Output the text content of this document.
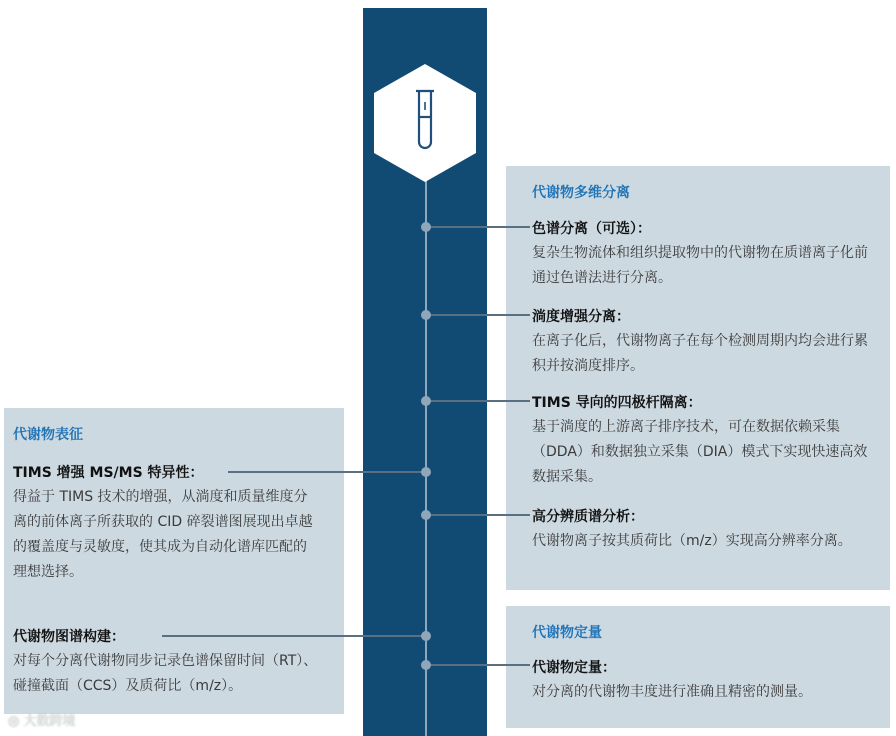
代谢物多维分离
色谱分离（可选）：
复杂生物流体和组织提取物中的代谢物在质谱离子化前通过色谱法进行分离。
淌度增强分离：
在离子化后，代谢物离子在每个检测周期内均会进行累积并按淌度排序。
TIMS 导向的四极杆隔离：
基于淌度的上游离子排序技术，可在数据依赖采集（DDA）和数据独立采集（DIA）模式下实现快速高效数据采集。
高分辨质谱分析：
代谢物离子按其质荷比（m/z）实现高分辨率分离。
代谢物定量
代谢物定量：
对分离的代谢物丰度进行准确且精密的测量。
代谢物表征
TIMS 增强 MS/MS 特异性：
得益于 TIMS 技术的增强，从淌度和质量维度分离的前体离子所获取的 CID 碎裂谱图展现出卓越的覆盖度与灵敏度，使其成为自动化谱库匹配的理想选择。
代谢物图谱构建：
对每个分离代谢物同步记录色谱保留时间（RT）、碰撞截面（CCS）及质荷比（m/z）。
◎ 大数跨境
